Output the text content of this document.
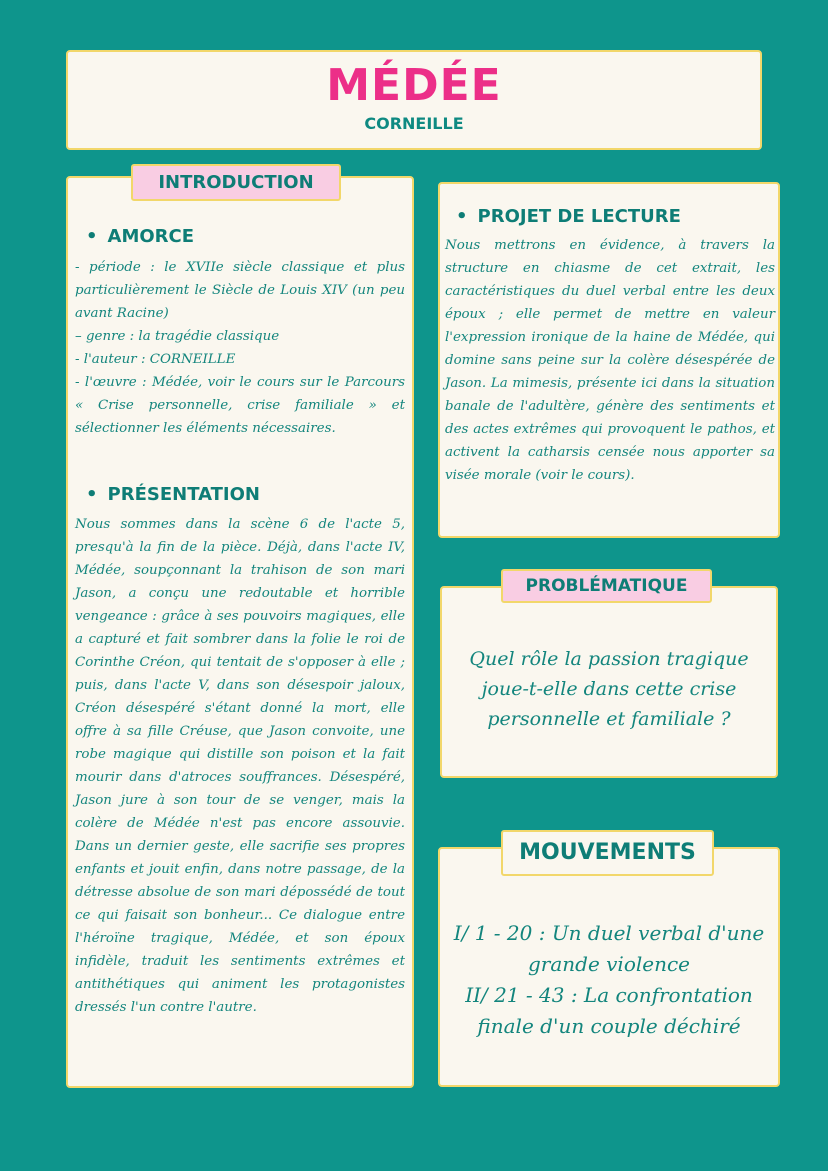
MÉDÉE
CORNEILLE
INTRODUCTION
• AMORCE
- période : le XVIIe siècle classique et plus particulièrement le Siècle de Louis XIV (un peu avant Racine)
– genre : la tragédie classique
- l'auteur : CORNEILLE
- l'œuvre : Médée, voir le cours sur le Parcours « Crise personnelle, crise familiale » et sélectionner les éléments nécessaires.
• PRÉSENTATION
Nous sommes dans la scène 6 de l'acte 5, presqu'à la fin de la pièce. Déjà, dans l'acte IV, Médée, soupçonnant la trahison de son mari Jason, a conçu une redoutable et horrible vengeance : grâce à ses pouvoirs magiques, elle a capturé et fait sombrer dans la folie le roi de Corinthe Créon, qui tentait de s'opposer à elle ; puis, dans l'acte V, dans son désespoir jaloux, Créon désespéré s'étant donné la mort, elle offre à sa fille Créuse, que Jason convoite, une robe magique qui distille son poison et la fait mourir dans d'atroces souffrances. Désespéré, Jason jure à son tour de se venger, mais la colère de Médée n'est pas encore assouvie. Dans un dernier geste, elle sacrifie ses propres enfants et jouit enfin, dans notre passage, de la détresse absolue de son mari dépossédé de tout ce qui faisait son bonheur... Ce dialogue entre l'héroïne tragique, Médée, et son époux infidèle, traduit les sentiments extrêmes et antithétiques qui animent les protagonistes dressés l'un contre l'autre.
• PROJET DE LECTURE
Nous mettrons en évidence, à travers la structure en chiasme de cet extrait, les caractéristiques du duel verbal entre les deux époux ; elle permet de mettre en valeur l'expression ironique de la haine de Médée, qui domine sans peine sur la colère désespérée de Jason. La mimesis, présente ici dans la situation banale de l'adultère, génère des sentiments et des actes extrêmes qui provoquent le pathos, et activent la catharsis censée nous apporter sa visée morale (voir le cours).
PROBLÉMATIQUE
Quel rôle la passion tragique joue-t-elle dans cette crise personnelle et familiale ?
MOUVEMENTS
I/ 1 - 20 : Un duel verbal d'une grande violence
II/ 21 - 43 : La confrontation finale d'un couple déchiré
